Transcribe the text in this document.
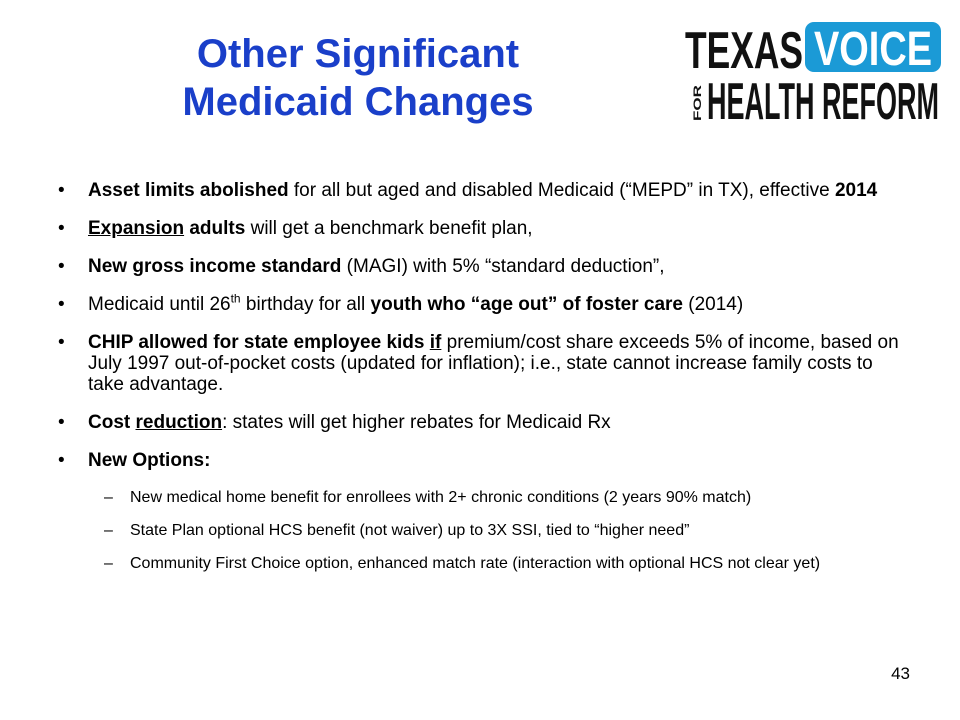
Other Significant
Medicaid Changes
TEXAS VOICE
FOR HEALTH REFORM
• Asset limits abolished for all but aged and disabled Medicaid (“MEPD” in TX), effective 2014
• Expansion adults will get a benchmark benefit plan,
• New gross income standard (MAGI) with 5% “standard deduction”,
• Medicaid until 26th birthday for all youth who “age out” of foster care (2014)
• CHIP allowed for state employee kids if premium/cost share exceeds 5% of income, based on July 1997 out-of-pocket costs (updated for inflation); i.e., state cannot increase family costs to take advantage.
• Cost reduction: states will get higher rebates for Medicaid Rx
• New Options:
– New medical home benefit for enrollees with 2+ chronic conditions (2 years 90% match)
– State Plan optional HCS benefit (not waiver) up to 3X SSI, tied to “higher need”
– Community First Choice option, enhanced match rate (interaction with optional HCS not clear yet)
43
